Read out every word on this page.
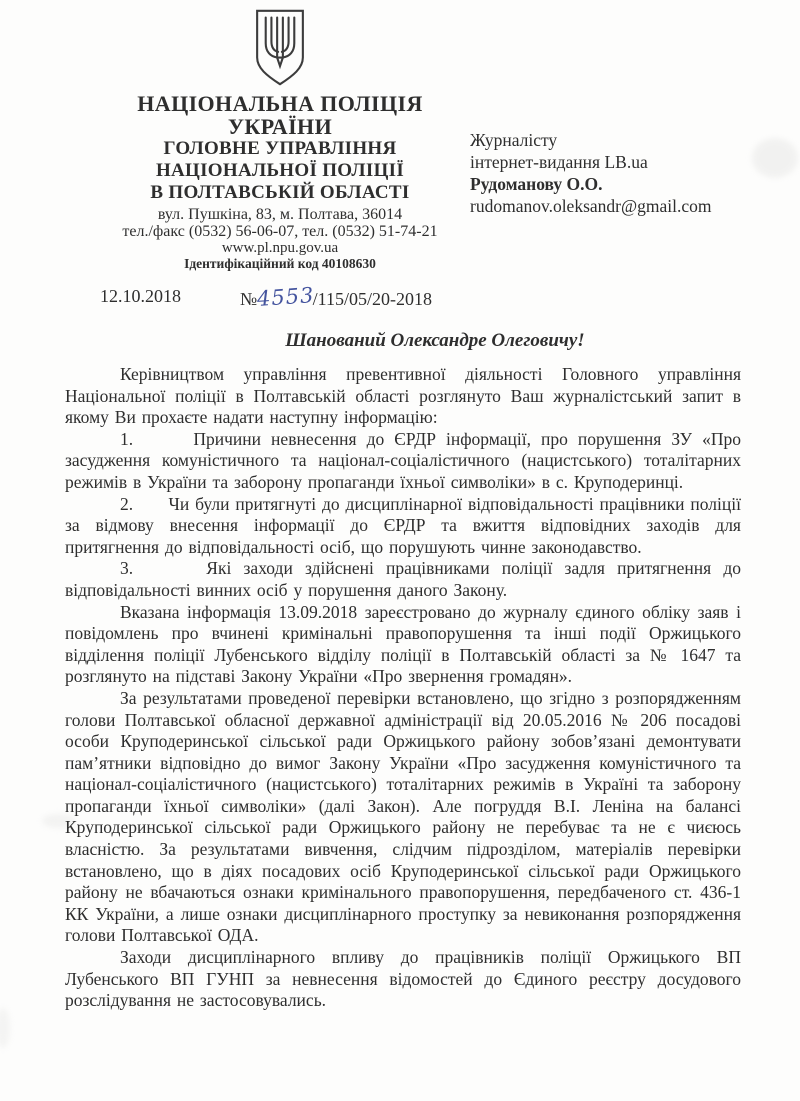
НАЦІОНАЛЬНА ПОЛІЦІЯ
УКРАЇНИ
ГОЛОВНЕ УПРАВЛІННЯ
НАЦІОНАЛЬНОЇ ПОЛІЦІЇ
В ПОЛТАВСЬКІЙ ОБЛАСТІ
вул. Пушкіна, 83, м. Полтава, 36014
тел./факс (0532) 56-06-07, тел. (0532) 51-74-21
www.pl.npu.gov.ua
Ідентифікаційний код 40108630
Журналісту
інтернет-видання LB.ua
Рудоманову О.О.
rudomanov.oleksandr@gmail.com
12.10.2018	№4553/115/05/20-2018
Шанований Олександре Олеговичу!

Керівництвом управління превентивної діяльності Головного управління Національної поліції в Полтавській області розглянуто Ваш журналістський запит в якому Ви прохаєте надати наступну інформацію:

1.      Причини невнесення до ЄРДР інформації, про порушення ЗУ «Про засудження комуністичного та націонал-соціалістичного (нацистського) тоталітарних режимів в України та заборону пропаганди їхньої символіки» в с. Круподеринці.

2.      Чи були притягнуті до дисциплінарної відповідальності працівники поліції за відмову внесення інформації до ЄРДР та вжиття відповідних заходів для притягнення до відповідальності осіб, що порушують чинне законодавство.

3.      Які заходи здійснені працівниками поліції задля притягнення до відповідальності винних осіб у порушення даного Закону.

Вказана інформація 13.09.2018 зареєстровано до журналу єдиного обліку заяв і повідомлень про вчинені кримінальні правопорушення та інші події Оржицького відділення поліції Лубенського відділу поліції в Полтавській області за № 1647 та розглянуто на підставі Закону України «Про звернення громадян».

За результатами проведеної перевірки встановлено, що згідно з розпорядженням голови Полтавської обласної державної адміністрації від 20.05.2016 № 206 посадові особи Круподеринської сільської ради Оржицького району зобов’язані демонтувати пам’ятники відповідно до вимог Закону України «Про засудження комуністичного та націонал-соціалістичного (нацистського) тоталітарних режимів в Україні та заборону пропаганди їхньої символіки» (далі Закон). Але погруддя В.І. Леніна на балансі Круподеринської сільської ради Оржицького району не перебуває та не є чиєюсь власністю. За результатами вивчення, слідчим підрозділом, матеріалів перевірки встановлено, що в діях посадових осіб Круподеринської сільської ради Оржицького району не вбачаються ознаки кримінального правопорушення, передбаченого ст. 436-1 КК України, а лише ознаки дисциплінарного проступку за невиконання розпорядження голови Полтавської ОДА.

Заходи дисциплінарного впливу до працівників поліції Оржицького ВП Лубенського ВП ГУНП за невнесення відомостей до Єдиного реєстру досудового розслідування не застосовувались.
